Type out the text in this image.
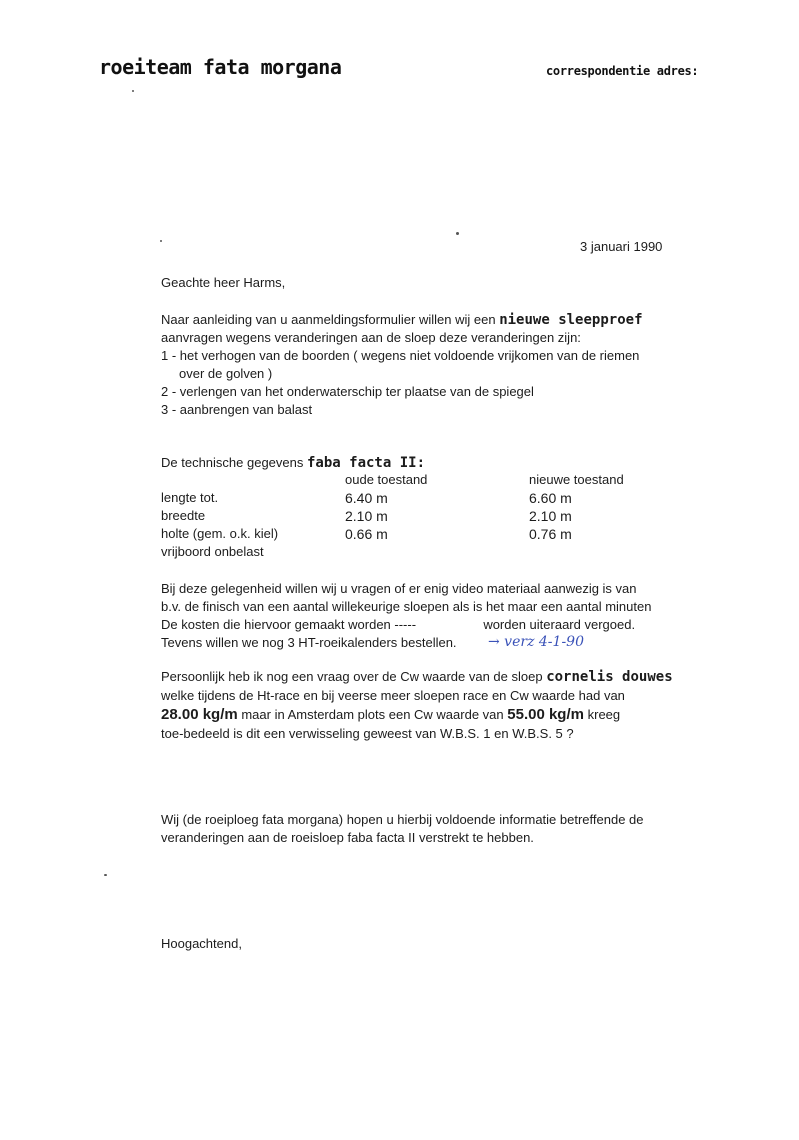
roeiteam fata morgana	correspondentie adres:
3 januari 1990
Geachte heer Harms,
Naar aanleiding van u aanmeldingsformulier willen wij een nieuwe sleepproef
aanvragen wegens veranderingen aan de sloep deze veranderingen zijn:
1 - het verhogen van de boorden ( wegens niet voldoende vrijkomen van de riemen
over de golven )
2 - verlengen van het onderwaterschip ter plaatse van de spiegel
3 - aanbrengen van balast
De technische gegevens faba facta II:
	oude toestand	nieuwe toestand
lengte tot.	6.40 m	6.60 m
breedte	2.10 m	2.10 m
holte (gem. o.k. kiel)	0.66 m	0.76 m
vrijboord onbelast		
Bij deze gelegenheid willen wij u vragen of er enig video materiaal aanwezig is van
b.v. de finisch van een aantal willekeurige sloepen als is het maar een aantal minuten
De kosten die hiervoor gemaakt worden -----	worden uiteraard vergoed.
Tevens willen we nog 3 HT-roeikalenders bestellen.	→ verz 4-1-90
Persoonlijk heb ik nog een vraag over de Cw waarde van de sloep cornelis douwes
welke tijdens de Ht-race en bij veerse meer sloepen race en Cw waarde had van
28.00 kg/m maar in Amsterdam plots een Cw waarde van 55.00 kg/m kreeg
toe-bedeeld is dit een verwisseling geweest van W.B.S. 1 en W.B.S. 5 ?
Wij (de roeiploeg fata morgana) hopen u hierbij voldoende informatie betreffende de
veranderingen aan de roeisloep faba facta II verstrekt te hebben.
Hoogachtend,
